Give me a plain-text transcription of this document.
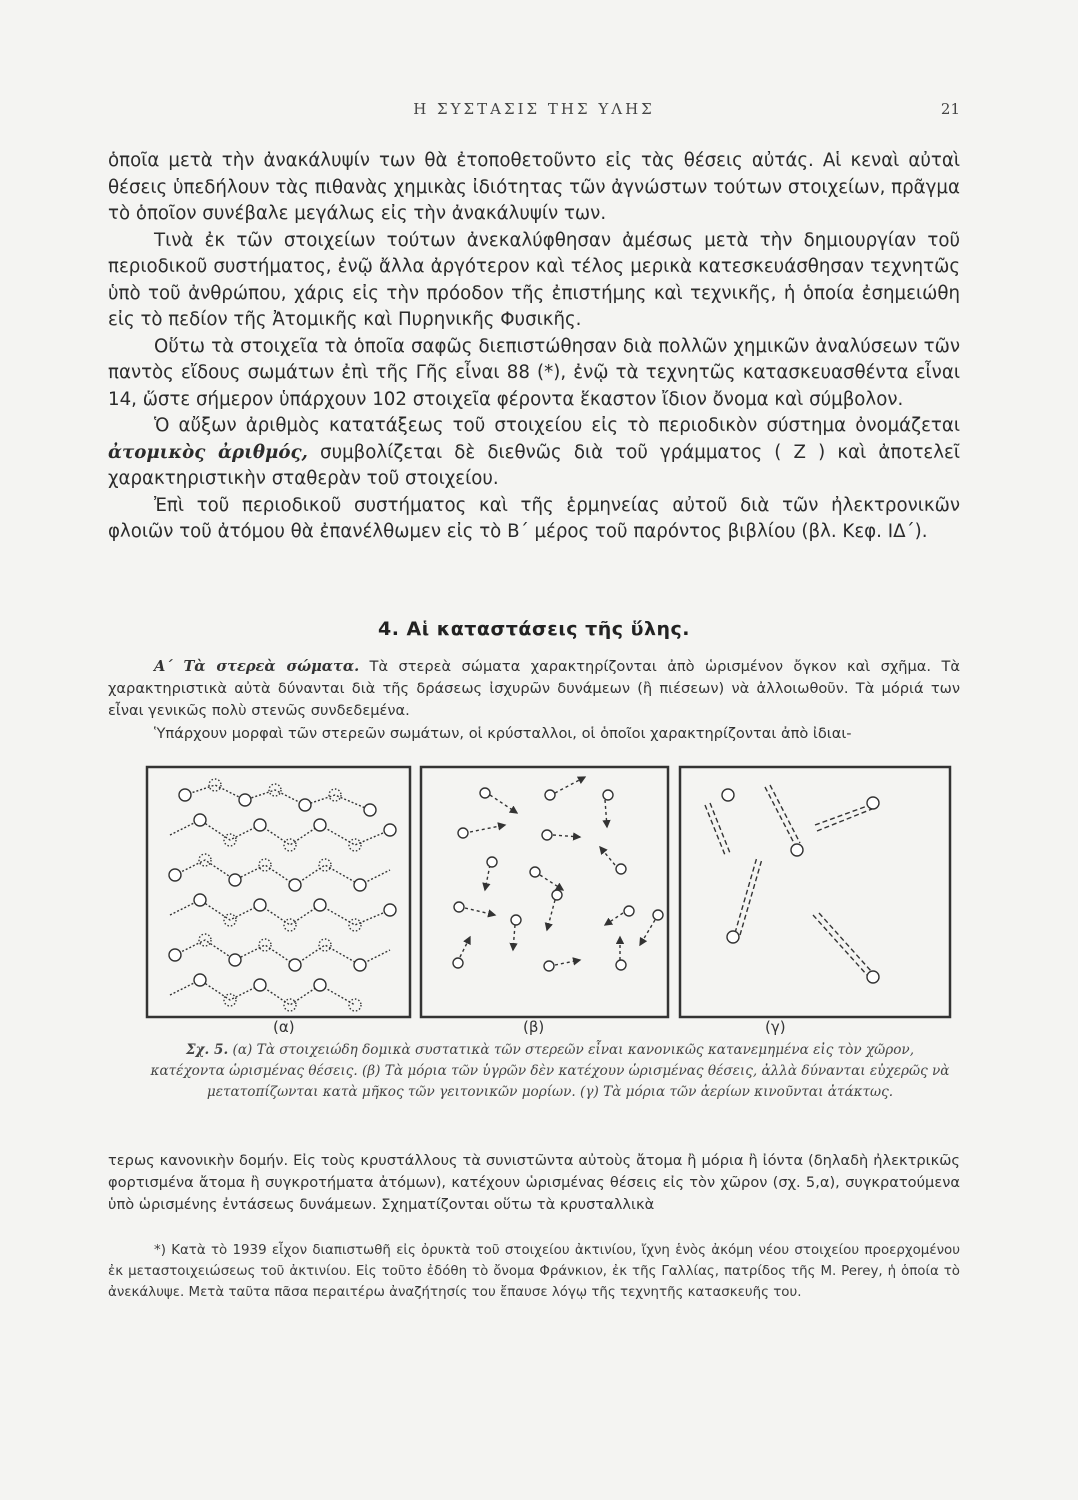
Η ΣΥΣΤΑΣΙΣ ΤΗΣ ΥΛΗΣ	21

ὁποῖα μετὰ τὴν ἀνακάλυψίν των θὰ ἐτοποθετοῦντο εἰς τὰς θέσεις αὐτάς. Αἱ κεναὶ αὐταὶ θέσεις ὑπεδήλουν τὰς πιθανὰς χημικὰς ἰδιότητας τῶν ἀγνώστων τούτων στοιχείων, πρᾶγμα τὸ ὁποῖον συνέβαλε μεγάλως εἰς τὴν ἀνακάλυψίν των.

Τινὰ ἐκ τῶν στοιχείων τούτων ἀνεκαλύφθησαν ἀμέσως μετὰ τὴν δημιουργίαν τοῦ περιοδικοῦ συστήματος, ἐνῷ ἄλλα ἀργότερον καὶ τέλος μερικὰ κατεσκευάσθησαν τεχνητῶς ὑπὸ τοῦ ἀνθρώπου, χάρις εἰς τὴν πρόοδον τῆς ἐπιστήμης καὶ τεχνικῆς, ἡ ὁποία ἐσημειώθη εἰς τὸ πεδίον τῆς Ἀτομικῆς καὶ Πυρηνικῆς Φυσικῆς.

Οὕτω τὰ στοιχεῖα τὰ ὁποῖα σαφῶς διεπιστώθησαν διὰ πολλῶν χημικῶν ἀναλύσεων τῶν παντὸς εἴδους σωμάτων ἐπὶ τῆς Γῆς εἶναι 88 (*), ἐνῷ τὰ τεχνητῶς κατασκευασθέντα εἶναι 14, ὥστε σήμερον ὑπάρχουν 102 στοιχεῖα φέροντα ἕκαστον ἴδιον ὄνομα καὶ σύμβολον.

Ὁ αὔξων ἀριθμὸς κατατάξεως τοῦ στοιχείου εἰς τὸ περιοδικὸν σύστημα ὀνομάζεται ἀτομικὸς ἀριθμός, συμβολίζεται δὲ διεθνῶς διὰ τοῦ γράμματος ( Ζ ) καὶ ἀποτελεῖ χαρακτηριστικὴν σταθερὰν τοῦ στοιχείου.

Ἐπὶ τοῦ περιοδικοῦ συστήματος καὶ τῆς ἑρμηνείας αὐτοῦ διὰ τῶν ἠλεκτρονικῶν φλοιῶν τοῦ ἀτόμου θὰ ἐπανέλθωμεν εἰς τὸ Β΄ μέρος τοῦ παρόντος βιβλίου (βλ. Κεφ. ΙΔ΄).

4. Αἱ καταστάσεις τῆς ὕλης.

Α΄ Τὰ στερεὰ σώματα. Τὰ στερεὰ σώματα χαρακτηρίζονται ἀπὸ ὡρισμένον ὄγκον καὶ σχῆμα. Τὰ χαρακτηριστικὰ αὐτὰ δύνανται διὰ τῆς δράσεως ἰσχυρῶν δυνάμεων (ἢ πιέσεων) νὰ ἀλλοιωθοῦν. Τὰ μόριά των εἶναι γενικῶς πολὺ στενῶς συνδεδεμένα.

Ὑπάρχουν μορφαὶ τῶν στερεῶν σωμάτων, οἱ κρύσταλλοι, οἱ ὁποῖοι χαρακτηρίζονται ἀπὸ ἰδιαι-

(α)	(β)	(γ)
Σχ. 5. (α) Τὰ στοιχειώδη δομικὰ συστατικὰ τῶν στερεῶν εἶναι κανονικῶς κατανεμημένα εἰς τὸν χῶρον, κατέχοντα ὡρισμένας θέσεις. (β) Τὰ μόρια τῶν ὑγρῶν δὲν κατέχουν ὡρισμένας θέσεις, ἀλλὰ δύνανται εὐχερῶς νὰ μετατοπίζωνται κατὰ μῆκος τῶν γειτονικῶν μορίων. (γ) Τὰ μόρια τῶν ἀερίων κινοῦνται ἀτάκτως.

τερως κανονικὴν δομήν. Εἰς τοὺς κρυστάλλους τὰ συνιστῶντα αὐτοὺς ἄτομα ἢ μόρια ἢ ἰόντα (δηλαδὴ ἠλεκτρικῶς φορτισμένα ἄτομα ἢ συγκροτήματα ἀτόμων), κατέχουν ὡρισμένας θέσεις εἰς τὸν χῶρον (σχ. 5,α), συγκρατούμενα ὑπὸ ὡρισμένης ἐντάσεως δυνάμεων. Σχηματίζονται οὕτω τὰ κρυσταλλικὰ

*) Κατὰ τὸ 1939 εἶχον διαπιστωθῆ εἰς ὀρυκτὰ τοῦ στοιχείου ἀκτινίου, ἴχνη ἑνὸς ἀκόμη νέου στοιχείου προερχομένου ἐκ μεταστοιχειώσεως τοῦ ἀκτινίου. Εἰς τοῦτο ἐδόθη τὸ ὄνομα Φράνκιον, ἐκ τῆς Γαλλίας, πατρίδος τῆς M. Perey, ἡ ὁποία τὸ ἀνεκάλυψε. Μετὰ ταῦτα πᾶσα περαιτέρω ἀναζήτησίς του ἔπαυσε λόγῳ τῆς τεχνητῆς κατασκευῆς του.
